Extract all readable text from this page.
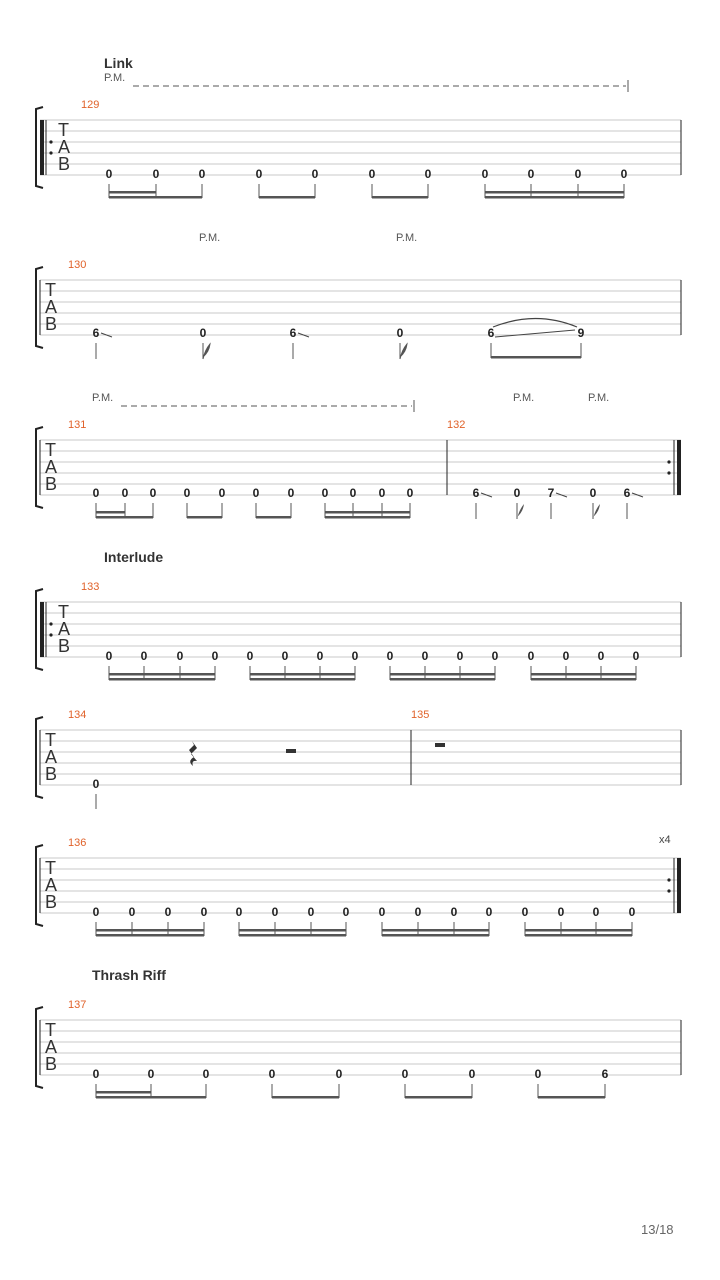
Link
P.M.
129
T
A
B	0	0	0	0	0	0	0	0	0	0	0
P.M.	P.M.
130
T
A
B	6	0	6	0	6	9
P.M.	P.M.	P.M.
131	132
T
A
B	0 0 0 0 0 0 0 0 0 0 0	6	0 7	0 6
Interlude
133
T
A
B	0 0 0 0 0 0 0 0 0 0 0 0 0 0 0 0
134	135
T
A
B	0
136	x4
T
A
B	0 0 0 0 0 0 0 0 0 0 0 0 0 0 0 0
Thrash Riff
137
T
A
B	0	0	0	0	0	0	0	0	6
13/18
